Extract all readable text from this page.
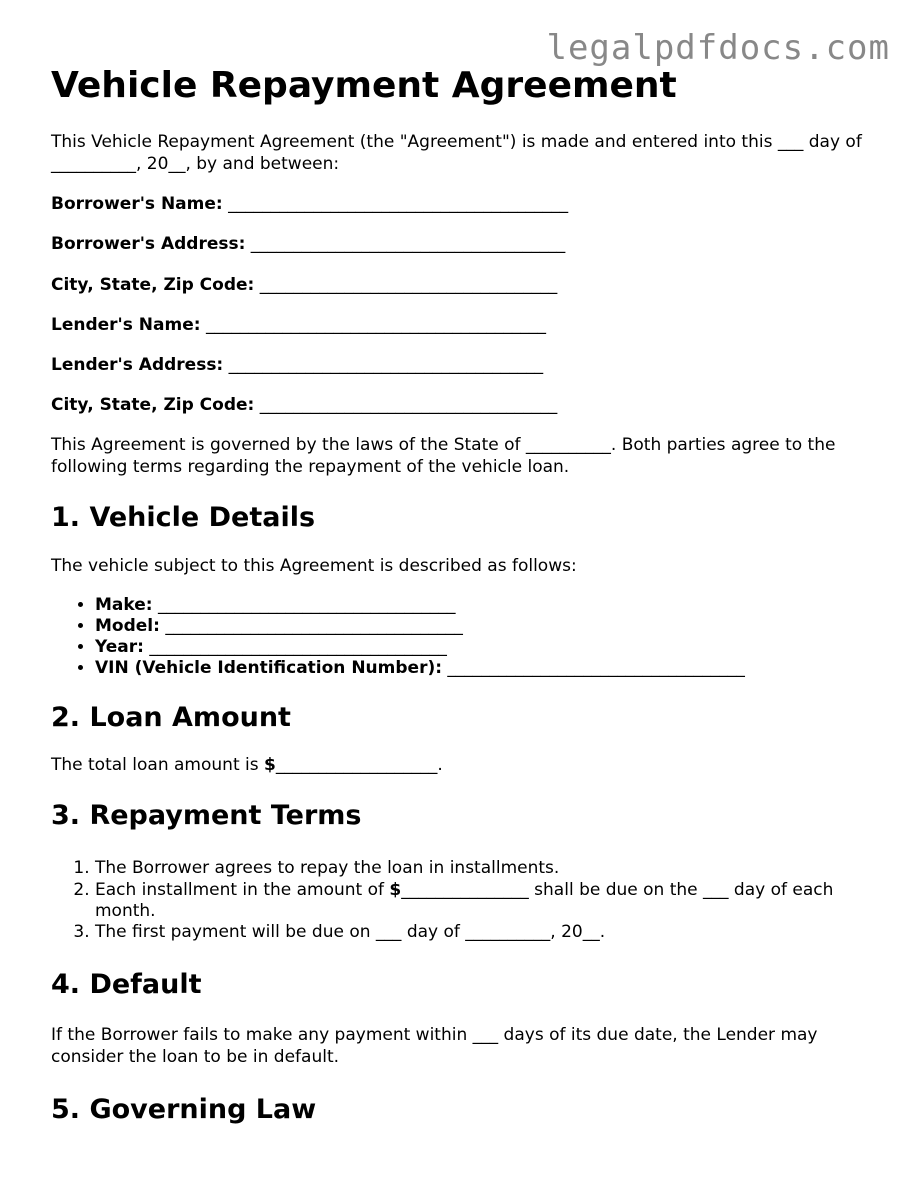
legalpdfdocs.com
Vehicle Repayment Agreement

This Vehicle Repayment Agreement (the "Agreement") is made and entered into this ___ day of __________, 20__, by and between:

Borrower's Name: ________________________________________

Borrower's Address: _____________________________________

City, State, Zip Code: ___________________________________

Lender's Name: ________________________________________

Lender's Address: _____________________________________

City, State, Zip Code: ___________________________________

This Agreement is governed by the laws of the State of __________. Both parties agree to the following terms regarding the repayment of the vehicle loan.

1. Vehicle Details

The vehicle subject to this Agreement is described as follows:

• Make: ___________________________________
• Model: ___________________________________
• Year: ___________________________________
• VIN (Vehicle Identification Number): ___________________________________
2. Loan Amount

The total loan amount is $___________________.

3. Repayment Terms
1. The Borrower agrees to repay the loan in installments.
2. Each installment in the amount of $_______________ shall be due on the ___ day of each month.
3. The first payment will be due on ___ day of __________, 20__.
4. Default

If the Borrower fails to make any payment within ___ days of its due date, the Lender may consider the loan to be in default.

5. Governing Law
